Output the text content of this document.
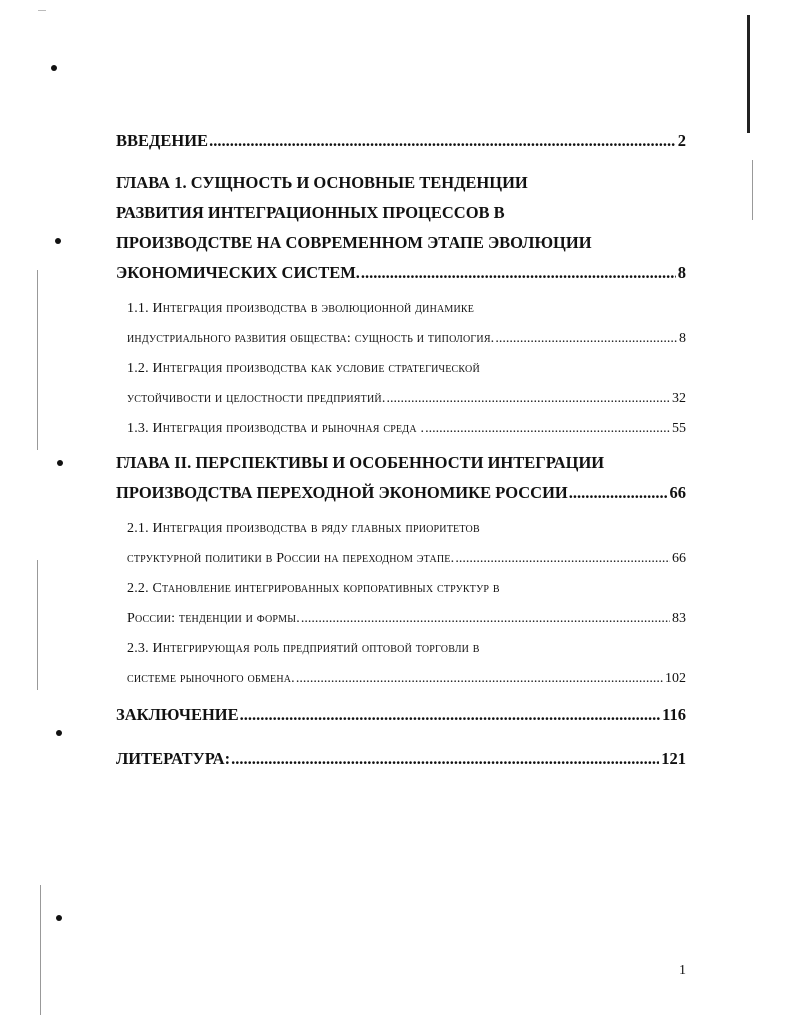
ВВЕДЕНИЕ .....	2
ГЛАВА 1. СУЩНОСТЬ И ОСНОВНЫЕ ТЕНДЕНЦИИ
РАЗВИТИЯ ИНТЕГРАЦИОННЫХ ПРОЦЕССОВ В
ПРОИЗВОДСТВЕ НА СОВРЕМЕННОМ ЭТАПЕ ЭВОЛЮЦИИ
ЭКОНОМИЧЕСКИХ СИСТЕМ. .....	8
1.1. Интеграция производства в эволюционной динамике
индустриального развития общества: сущность и типология. .....	8
1.2. Интеграция производства как условие стратегической
устойчивости и целостности предприятий. .....	32
1.3. Интеграция производства и рыночная среда . .....	55
ГЛАВА II. ПЕРСПЕКТИВЫ И ОСОБЕННОСТИ ИНТЕГРАЦИИ
ПРОИЗВОДСТВА ПЕРЕХОДНОЙ ЭКОНОМИКЕ РОССИИ .....	66
2.1. Интеграция производства в ряду главных приоритетов
структурной политики в России на переходном этапе. .....	66
2.2. Становление интегрированных корпоративных структур в
России: тенденции и формы. .....	83
2.3. Интегрирующая роль предприятий оптовой торговли в
системе рыночного обмена. .....	102
ЗАКЛЮЧЕНИЕ .....	116
ЛИТЕРАТУРА: .....	121
1
